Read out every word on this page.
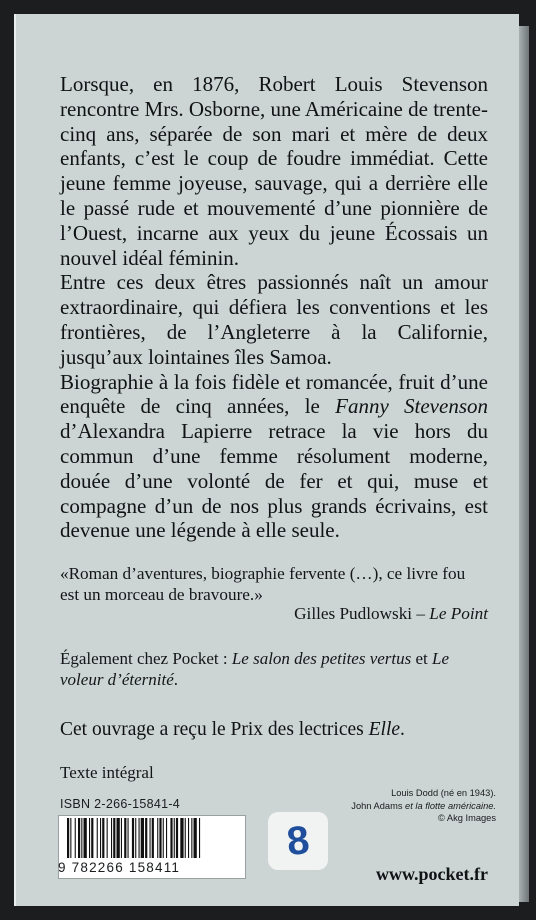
Lorsque, en 1876, Robert Louis Stevenson rencontre Mrs. Osborne, une Américaine de trente-cinq ans, séparée de son mari et mère de deux enfants, c’est le coup de foudre immédiat. Cette jeune femme joyeuse, sauvage, qui a derrière elle le passé rude et mouvementé d’une pionnière de l’Ouest, incarne aux yeux du jeune Écossais un nouvel idéal féminin.

Entre ces deux êtres passionnés naît un amour extraordinaire, qui défiera les conventions et les frontières, de l’Angleterre à la Californie, jusqu’aux lointaines îles Samoa.

Biographie à la fois fidèle et romancée, fruit d’une enquête de cinq années, le Fanny Stevenson d’Alexandra Lapierre retrace la vie hors du commun d’une femme résolument moderne, douée d’une volonté de fer et qui, muse et compagne d’un de nos plus grands écrivains, est devenue une légende à elle seule.

«Roman d’aventures, biographie fervente (…), ce livre fou est un morceau de bravoure.»

Gilles Pudlowski – Le Point

Également chez Pocket : Le salon des petites vertus et Le voleur d’éternité.

Cet ouvrage a reçu le Prix des lectrices Elle.

Texte intégral

ISBN 2-266-15841-4

9 782266 158411

Louis Dodd (né en 1943).
John Adams et la flotte américaine.
© Akg Images

8

www.pocket.fr
